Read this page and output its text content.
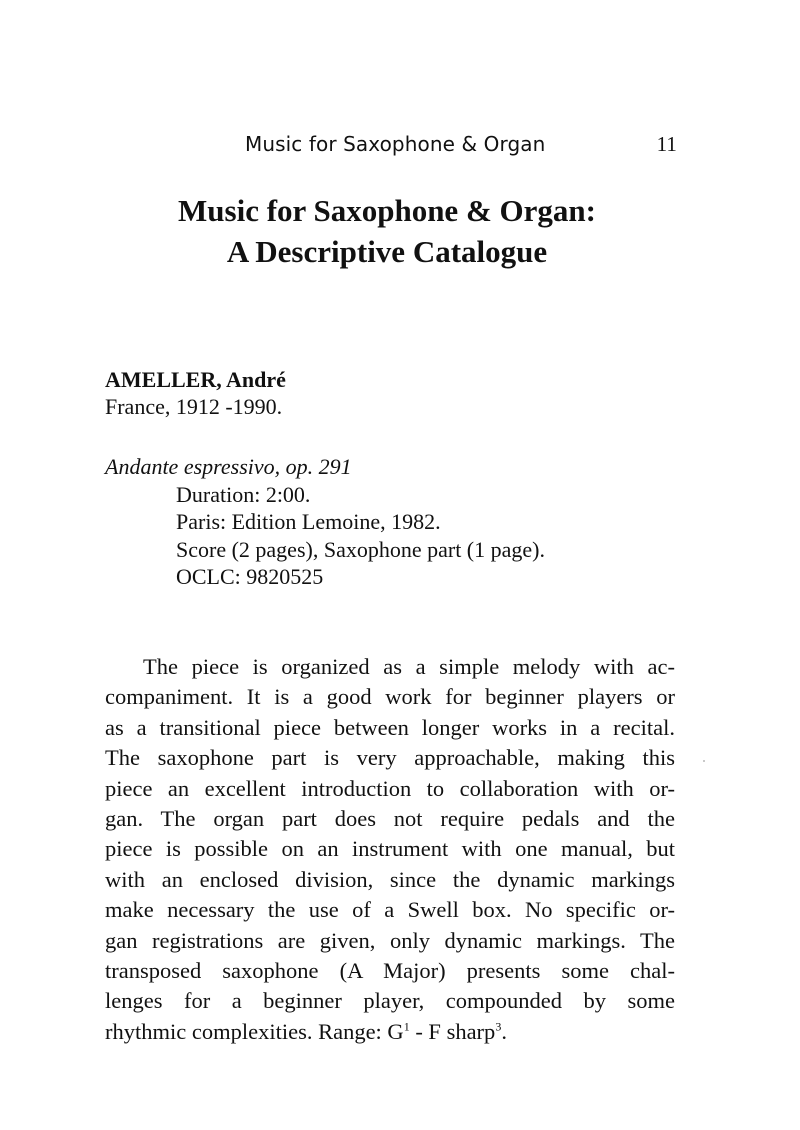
Music for Saxophone & Organ	11
Music for Saxophone & Organ:
A Descriptive Catalogue
AMELLER, André
France, 1912 -1990.
Andante espressivo, op. 291
Duration: 2:00.
Paris: Edition Lemoine, 1982.
Score (2 pages), Saxophone part (1 page).
OCLC: 9820525

The piece is organized as a simple melody with ac-
companiment. It is a good work for beginner players or
as a transitional piece between longer works in a recital.
The saxophone part is very approachable, making this
piece an excellent introduction to collaboration with or-
gan. The organ part does not require pedals and the
piece is possible on an instrument with one manual, but
with an enclosed division, since the dynamic markings
make necessary the use of a Swell box. No specific or-
gan registrations are given, only dynamic markings. The
transposed saxophone (A Major) presents some chal-
lenges for a beginner player, compounded by some
rhythmic complexities. Range: $G^1$ - F sharp$^3$.
